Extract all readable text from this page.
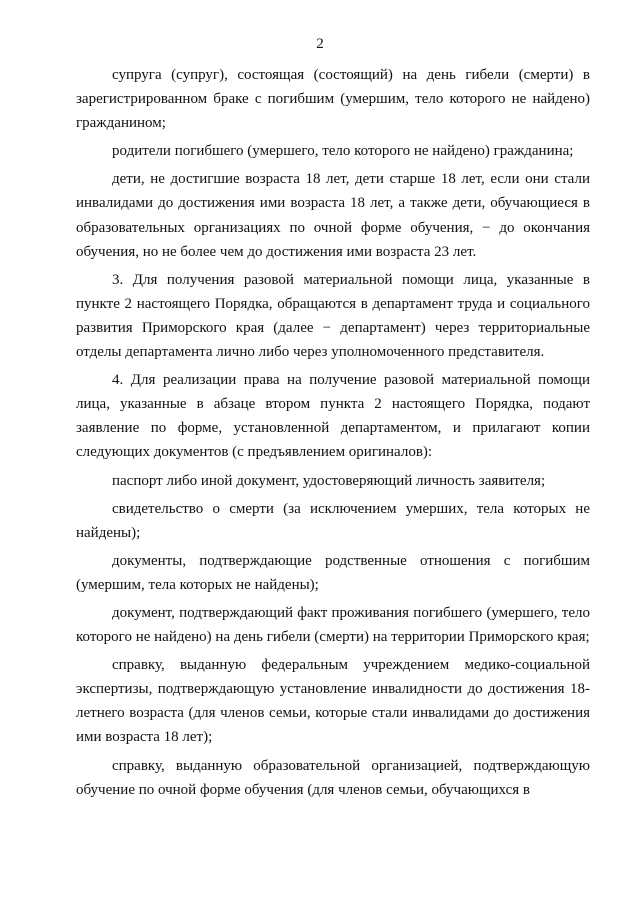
2

супруга (супруг), состоящая (состоящий) на день гибели (смерти) в зарегистрированном браке с погибшим (умершим, тело которого не найдено) гражданином;

родители погибшего (умершего, тело которого не найдено) гражданина;

дети, не достигшие возраста 18 лет, дети старше 18 лет, если они стали инвалидами до достижения ими возраста 18 лет, а также дети, обучающиеся в образовательных организациях по очной форме обучения, − до окончания обучения, но не более чем до достижения ими возраста 23 лет.

3. Для получения разовой материальной помощи лица, указанные в пункте 2 настоящего Порядка, обращаются в департамент труда и социального развития Приморского края (далее − департамент) через территориальные отделы департамента лично либо через уполномоченного представителя.

4. Для реализации права на получение разовой материальной помощи лица, указанные в абзаце втором пункта 2 настоящего Порядка, подают заявление по форме, установленной департаментом, и прилагают копии следующих документов (с предъявлением оригиналов):

паспорт либо иной документ, удостоверяющий личность заявителя;

свидетельство о смерти (за исключением умерших, тела которых не найдены);

документы, подтверждающие родственные отношения с погибшим (умершим, тела которых не найдены);

документ, подтверждающий факт проживания погибшего (умершего, тело которого не найдено) на день гибели (смерти) на территории Приморского края;

справку, выданную федеральным учреждением медико-социальной экспертизы, подтверждающую установление инвалидности до достижения 18-летнего возраста (для членов семьи, которые стали инвалидами до достижения ими возраста 18 лет);

справку, выданную образовательной организацией, подтверждающую обучение по очной форме обучения (для членов семьи, обучающихся в
